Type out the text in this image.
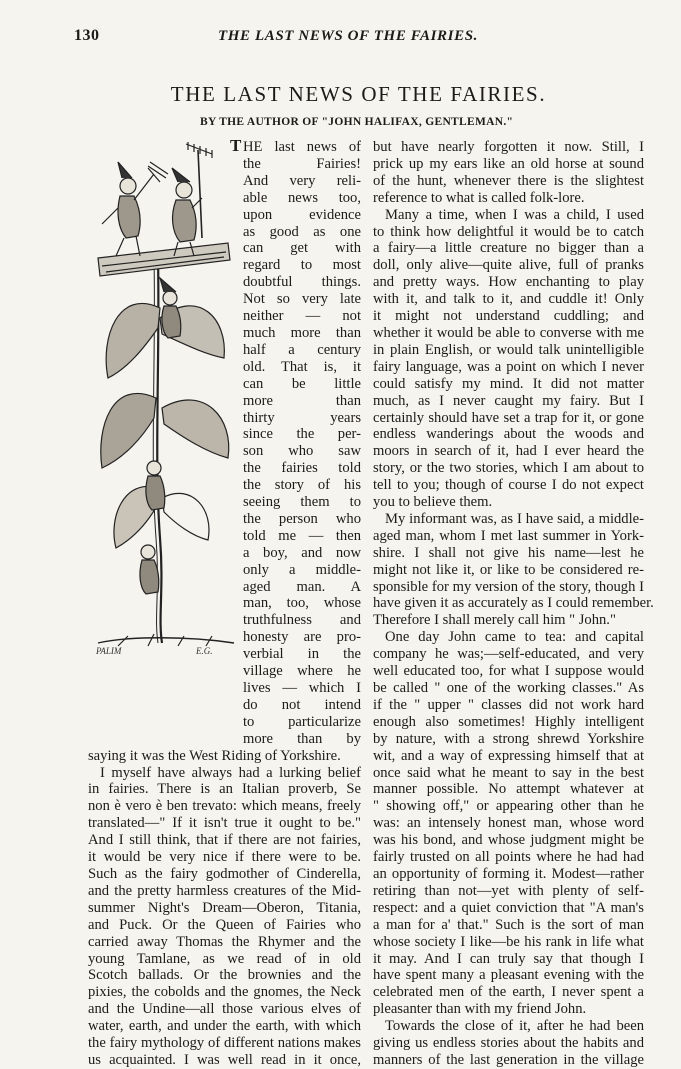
130	THE LAST NEWS OF THE FAIRIES.
THE LAST NEWS OF THE FAIRIES.
BY THE AUTHOR OF "JOHN HALIFAX, GENTLEMAN."
PALIM	E.G.
HE last news of
the Fairies!
And very reli-
able news too,
upon evidence
as good as one
can get with
regard to most
doubtful things.
Not so very late
neither — not
much more than
half a century
old. That is, it
can be little
more than
thirty years
since the per-
son who saw
the fairies told
the story of his
seeing them to
the person who
told me — then
a boy, and now
only a middle-
aged man. A
man, too, whose
truthfulness and
honesty are pro-
verbial in the
village where he
lives — which I
do not intend
to particularize
more than by
T
saying it was the West Riding of Yorkshire.
I myself have always had a lurking belief
in fairies. There is an Italian proverb, Se
non è vero è ben trevato: which means, freely
translated—" If it isn't true it ought to be."
And I still think, that if there are not fairies,
it would be very nice if there were to be.
Such as the fairy godmother of Cinderella,
and the pretty harmless creatures of the Mid-
summer Night's Dream—Oberon, Titania,
and Puck. Or the Queen of Fairies who
carried away Thomas the Rhymer and the
young Tamlane, as we read of in old
Scotch ballads. Or the brownies and the
pixies, the cobolds and the gnomes, the Neck
and the Undine—all those various elves of
water, earth, and under the earth, with which
the fairy mythology of different nations makes
us acquainted. I was well read in it once,
but have nearly forgotten it now. Still, I
prick up my ears like an old horse at sound
of the hunt, whenever there is the slightest
reference to what is called folk-lore.
Many a time, when I was a child, I used
to think how delightful it would be to catch
a fairy—a little creature no bigger than a
doll, only alive—quite alive, full of pranks
and pretty ways. How enchanting to play
with it, and talk to it, and cuddle it! Only
it might not understand cuddling; and
whether it would be able to converse with me
in plain English, or would talk unintelligible
fairy language, was a point on which I never
could satisfy my mind. It did not matter
much, as I never caught my fairy. But I
certainly should have set a trap for it, or gone
endless wanderings about the woods and
moors in search of it, had I ever heard the
story, or the two stories, which I am about to
tell to you; though of course I do not expect
you to believe them.
My informant was, as I have said, a middle-
aged man, whom I met last summer in York-
shire. I shall not give his name—lest he
might not like it, or like to be considered re-
sponsible for my version of the story, though I
have given it as accurately as I could remember.
Therefore I shall merely call him " John."
One day John came to tea: and capital
company he was;—self-educated, and very
well educated too, for what I suppose would
be called " one of the working classes." As
if the " upper " classes did not work hard
enough also sometimes! Highly intelligent
by nature, with a strong shrewd Yorkshire
wit, and a way of expressing himself that at
once said what he meant to say in the best
manner possible. No attempt whatever at
" showing off," or appearing other than he
was: an intensely honest man, whose word
was his bond, and whose judgment might be
fairly trusted on all points where he had had
an opportunity of forming it. Modest—rather
retiring than not—yet with plenty of self-
respect: and a quiet conviction that "A man's
a man for a' that." Such is the sort of man
whose society I like—be his rank in life what
it may. And I can truly say that though I
have spent many a pleasant evening with the
celebrated men of the earth, I never spent a
pleasanter than with my friend John.
Towards the close of it, after he had been
giving us endless stories about the habits and
manners of the last generation in the village
